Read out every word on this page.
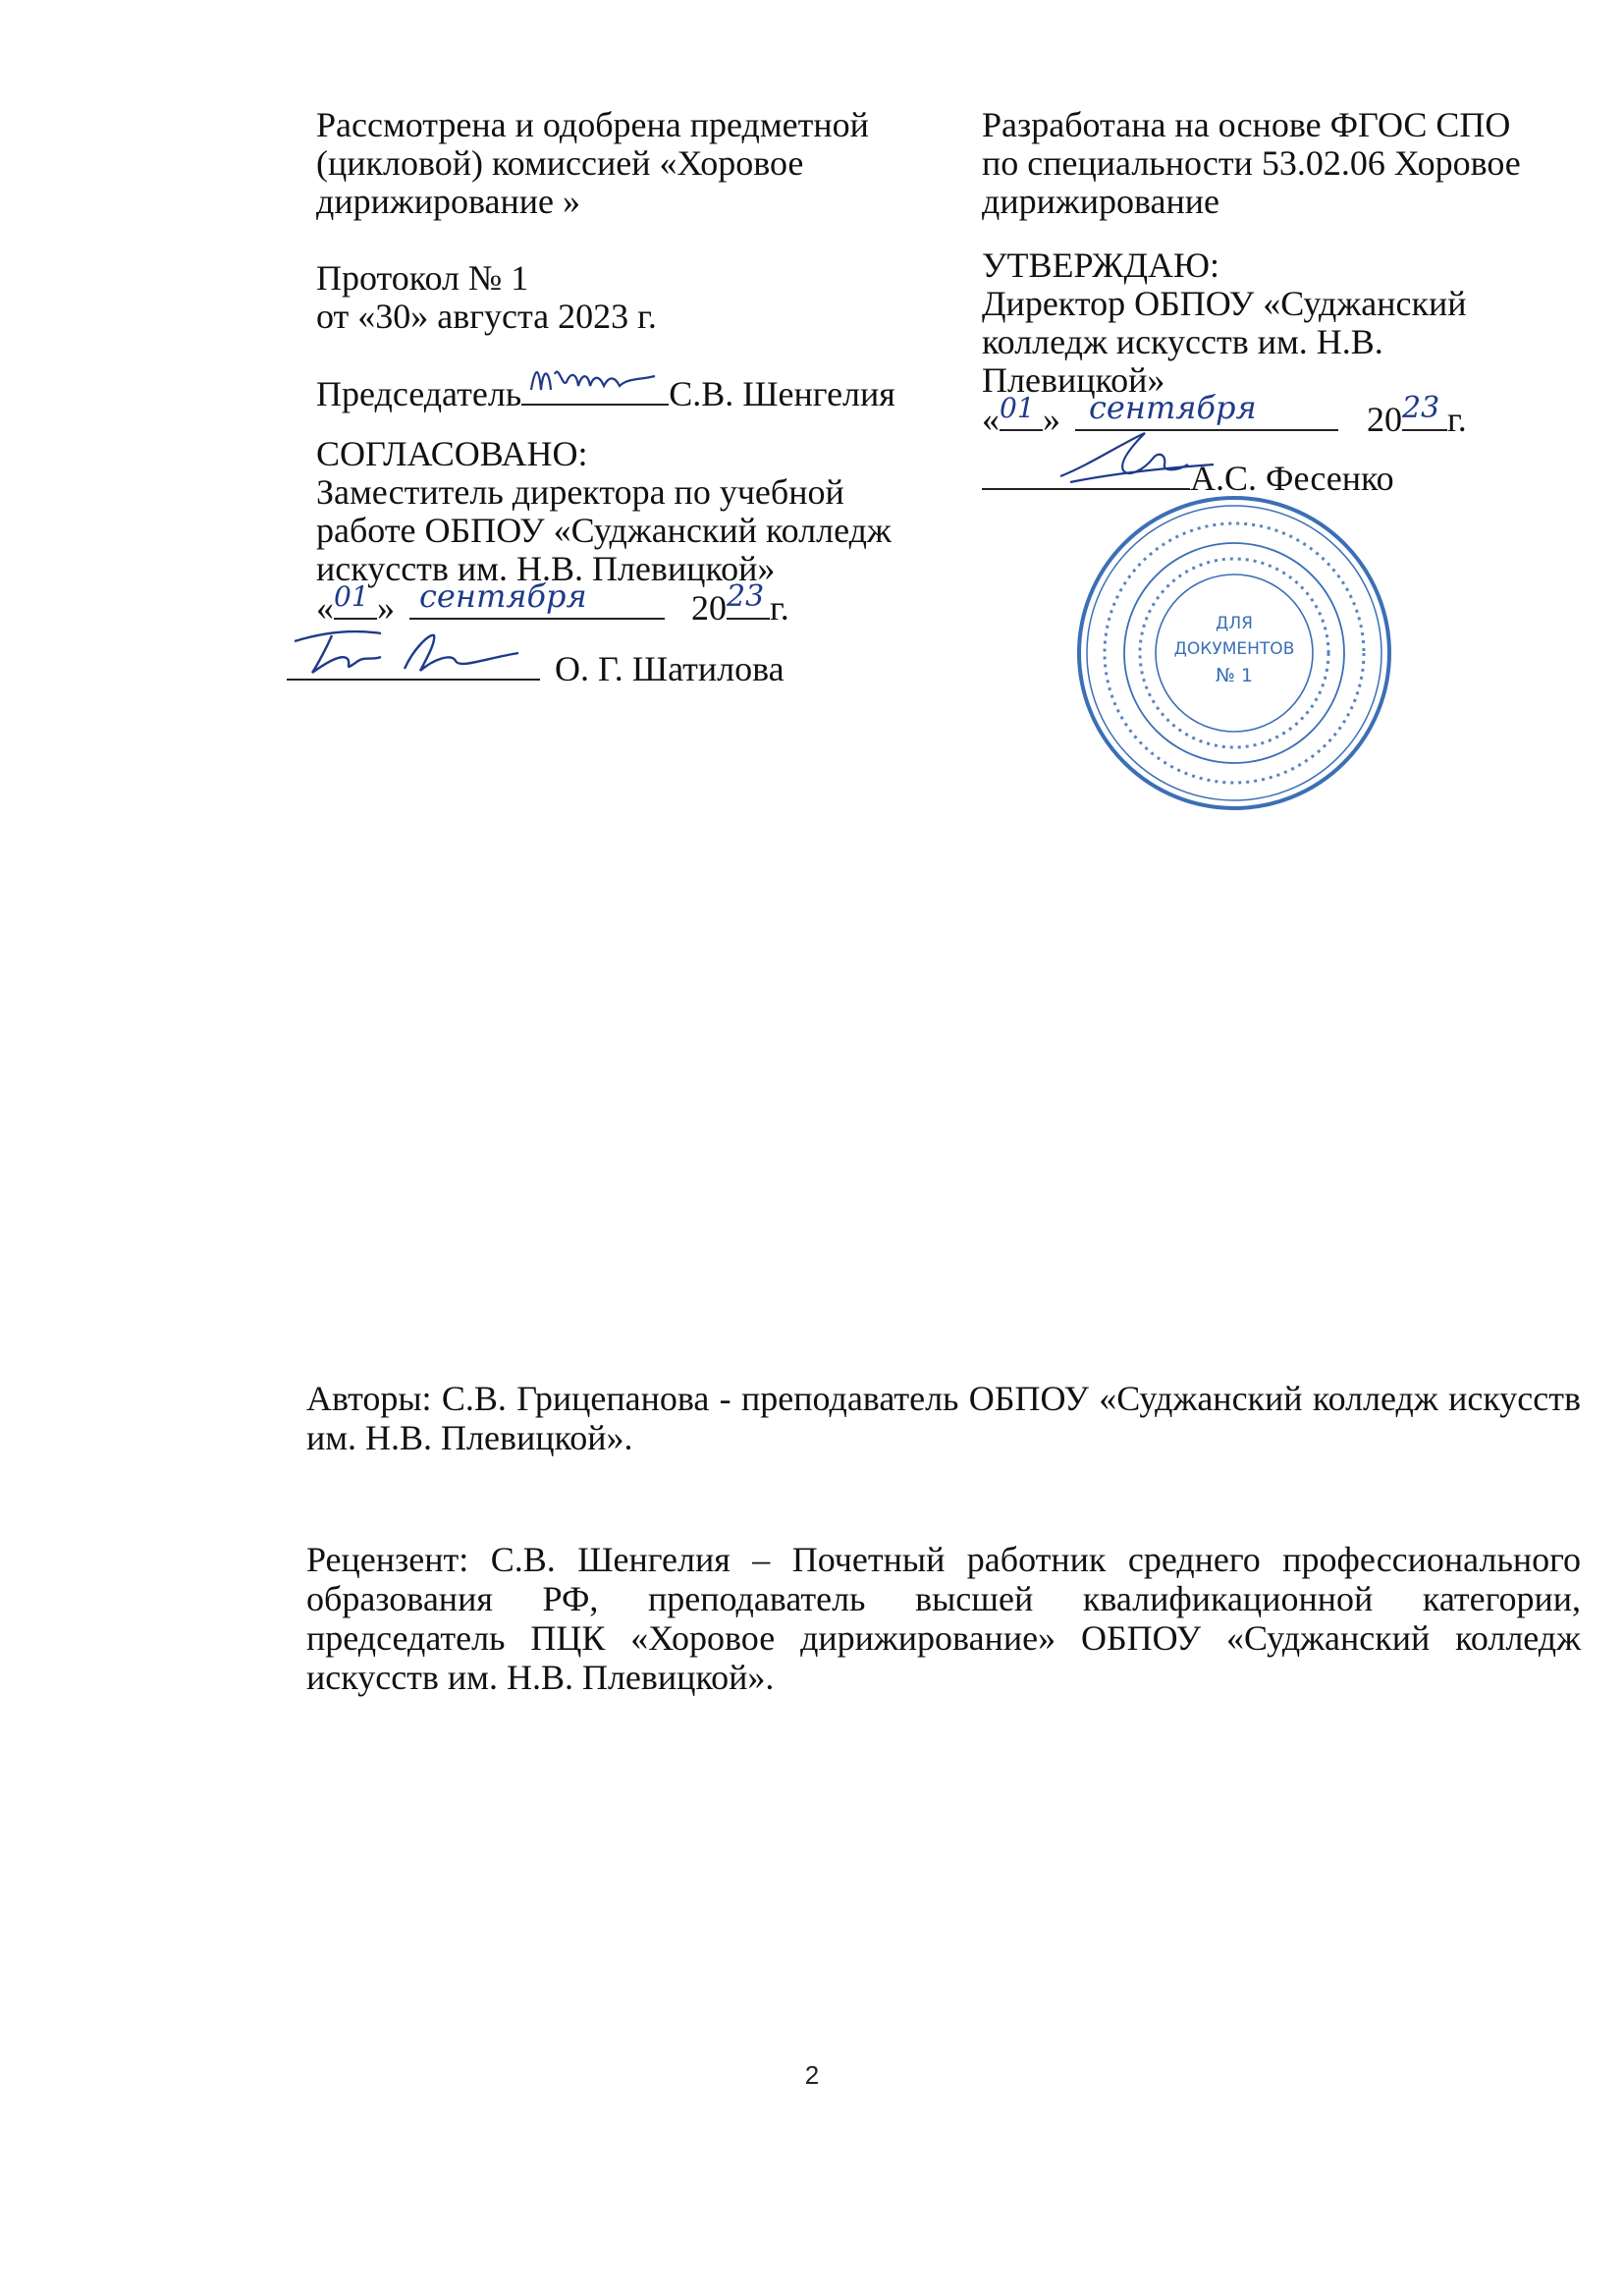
Рассмотрена и одобрена предметной
(цикловой) комиссией «Хоровое
дирижирование »
Протокол № 1
от «30» августа 2023 г.
Председатель	С.В. Шенгелия
СОГЛАСОВАНО:
Заместитель директора по учебной
работе ОБПОУ «Суджанский колледж
искусств им. Н.В. Плевицкой»
« 01 » сентября	20 23 г.
О. Г. Шатилова
Разработана на основе ФГОС СПО
по специальности 53.02.06 Хоровое
дирижирование
УТВЕРЖДАЮ:
Директор ОБПОУ «Суджанский
колледж искусств им. Н.В.
Плевицкой»
« 01 » сентября	20 23 г.
А.С. Фесенко
ДЛЯ
ДОКУМЕНТОВ
№ 1
Авторы: С.В. Грицепанова - преподаватель ОБПОУ «Суджанский колледж искусств им. Н.В. Плевицкой».
Рецензент: С.В. Шенгелия – Почетный работник среднего профессионального образования РФ, преподаватель высшей квалификационной категории, председатель ПЦК «Хоровое дирижирование» ОБПОУ «Суджанский колледж искусств им. Н.В. Плевицкой».
2
